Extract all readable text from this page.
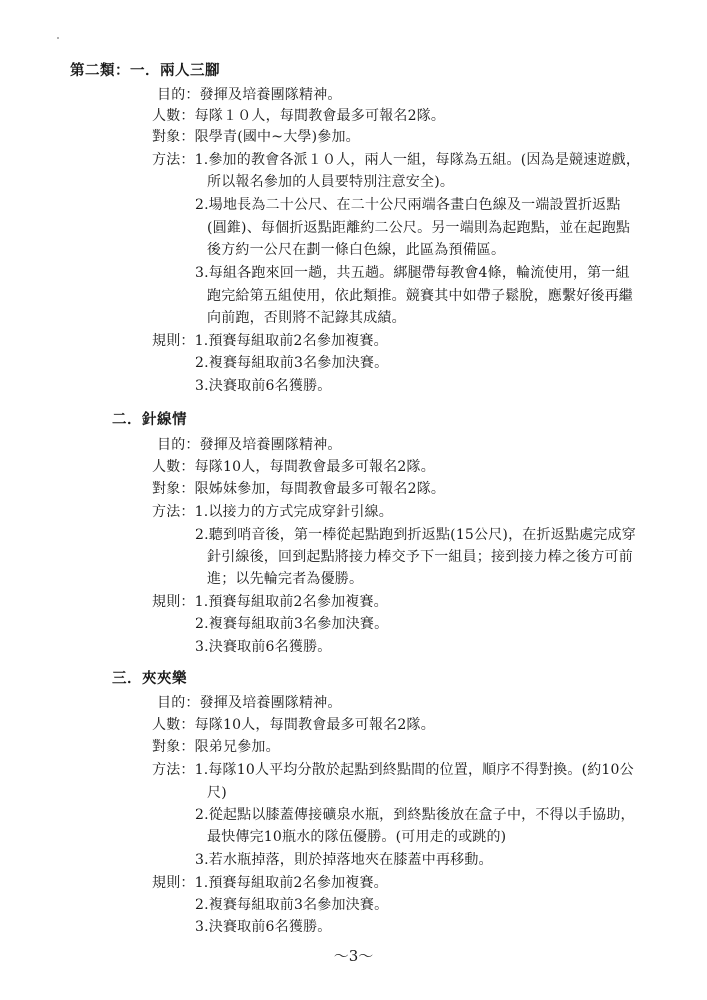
第二類：一．兩人三腳
目的：發揮及培養團隊精神。
人數：每隊１０人，每間教會最多可報名2隊。
對象：限學青(國中~大學)參加。
方法：1.參加的教會各派１０人，兩人一組，每隊為五組。(因為是競速遊戲，
所以報名參加的人員要特別注意安全)。
2.場地長為二十公尺、在二十公尺兩端各畫白色線及一端設置折返點
(圓錐)、每個折返點距離約二公尺。另一端則為起跑點，並在起跑點
後方約一公尺在劃一條白色線，此區為預備區。
3.每組各跑來回一趟，共五趟。綁腿帶每教會4條，輪流使用，第一組
跑完給第五組使用，依此類推。競賽其中如帶子鬆脫，應繫好後再繼
向前跑，否則將不記錄其成績。
規則：1.預賽每組取前2名參加複賽。
2.複賽每組取前3名參加決賽。
3.決賽取前6名獲勝。
二．針線情
目的：發揮及培養團隊精神。
人數：每隊10人，每間教會最多可報名2隊。
對象：限姊妹參加，每間教會最多可報名2隊。
方法：1.以接力的方式完成穿針引線。
2.聽到哨音後，第一棒從起點跑到折返點(15公尺)，在折返點處完成穿
針引線後，回到起點將接力棒交予下一組員；接到接力棒之後方可前
進；以先輪完者為優勝。
規則：1.預賽每組取前2名參加複賽。
2.複賽每組取前3名參加決賽。
3.決賽取前6名獲勝。
三．夾夾樂
目的：發揮及培養團隊精神。
人數：每隊10人，每間教會最多可報名2隊。
對象：限弟兄參加。
方法：1.每隊10人平均分散於起點到終點間的位置，順序不得對換。(約10公
尺)
2.從起點以膝蓋傳接礦泉水瓶，到終點後放在盒子中，不得以手協助，
最快傳完10瓶水的隊伍優勝。(可用走的或跳的)
3.若水瓶掉落，則於掉落地夾在膝蓋中再移動。
規則：1.預賽每組取前2名參加複賽。
2.複賽每組取前3名參加決賽。
3.決賽取前6名獲勝。
～3～
